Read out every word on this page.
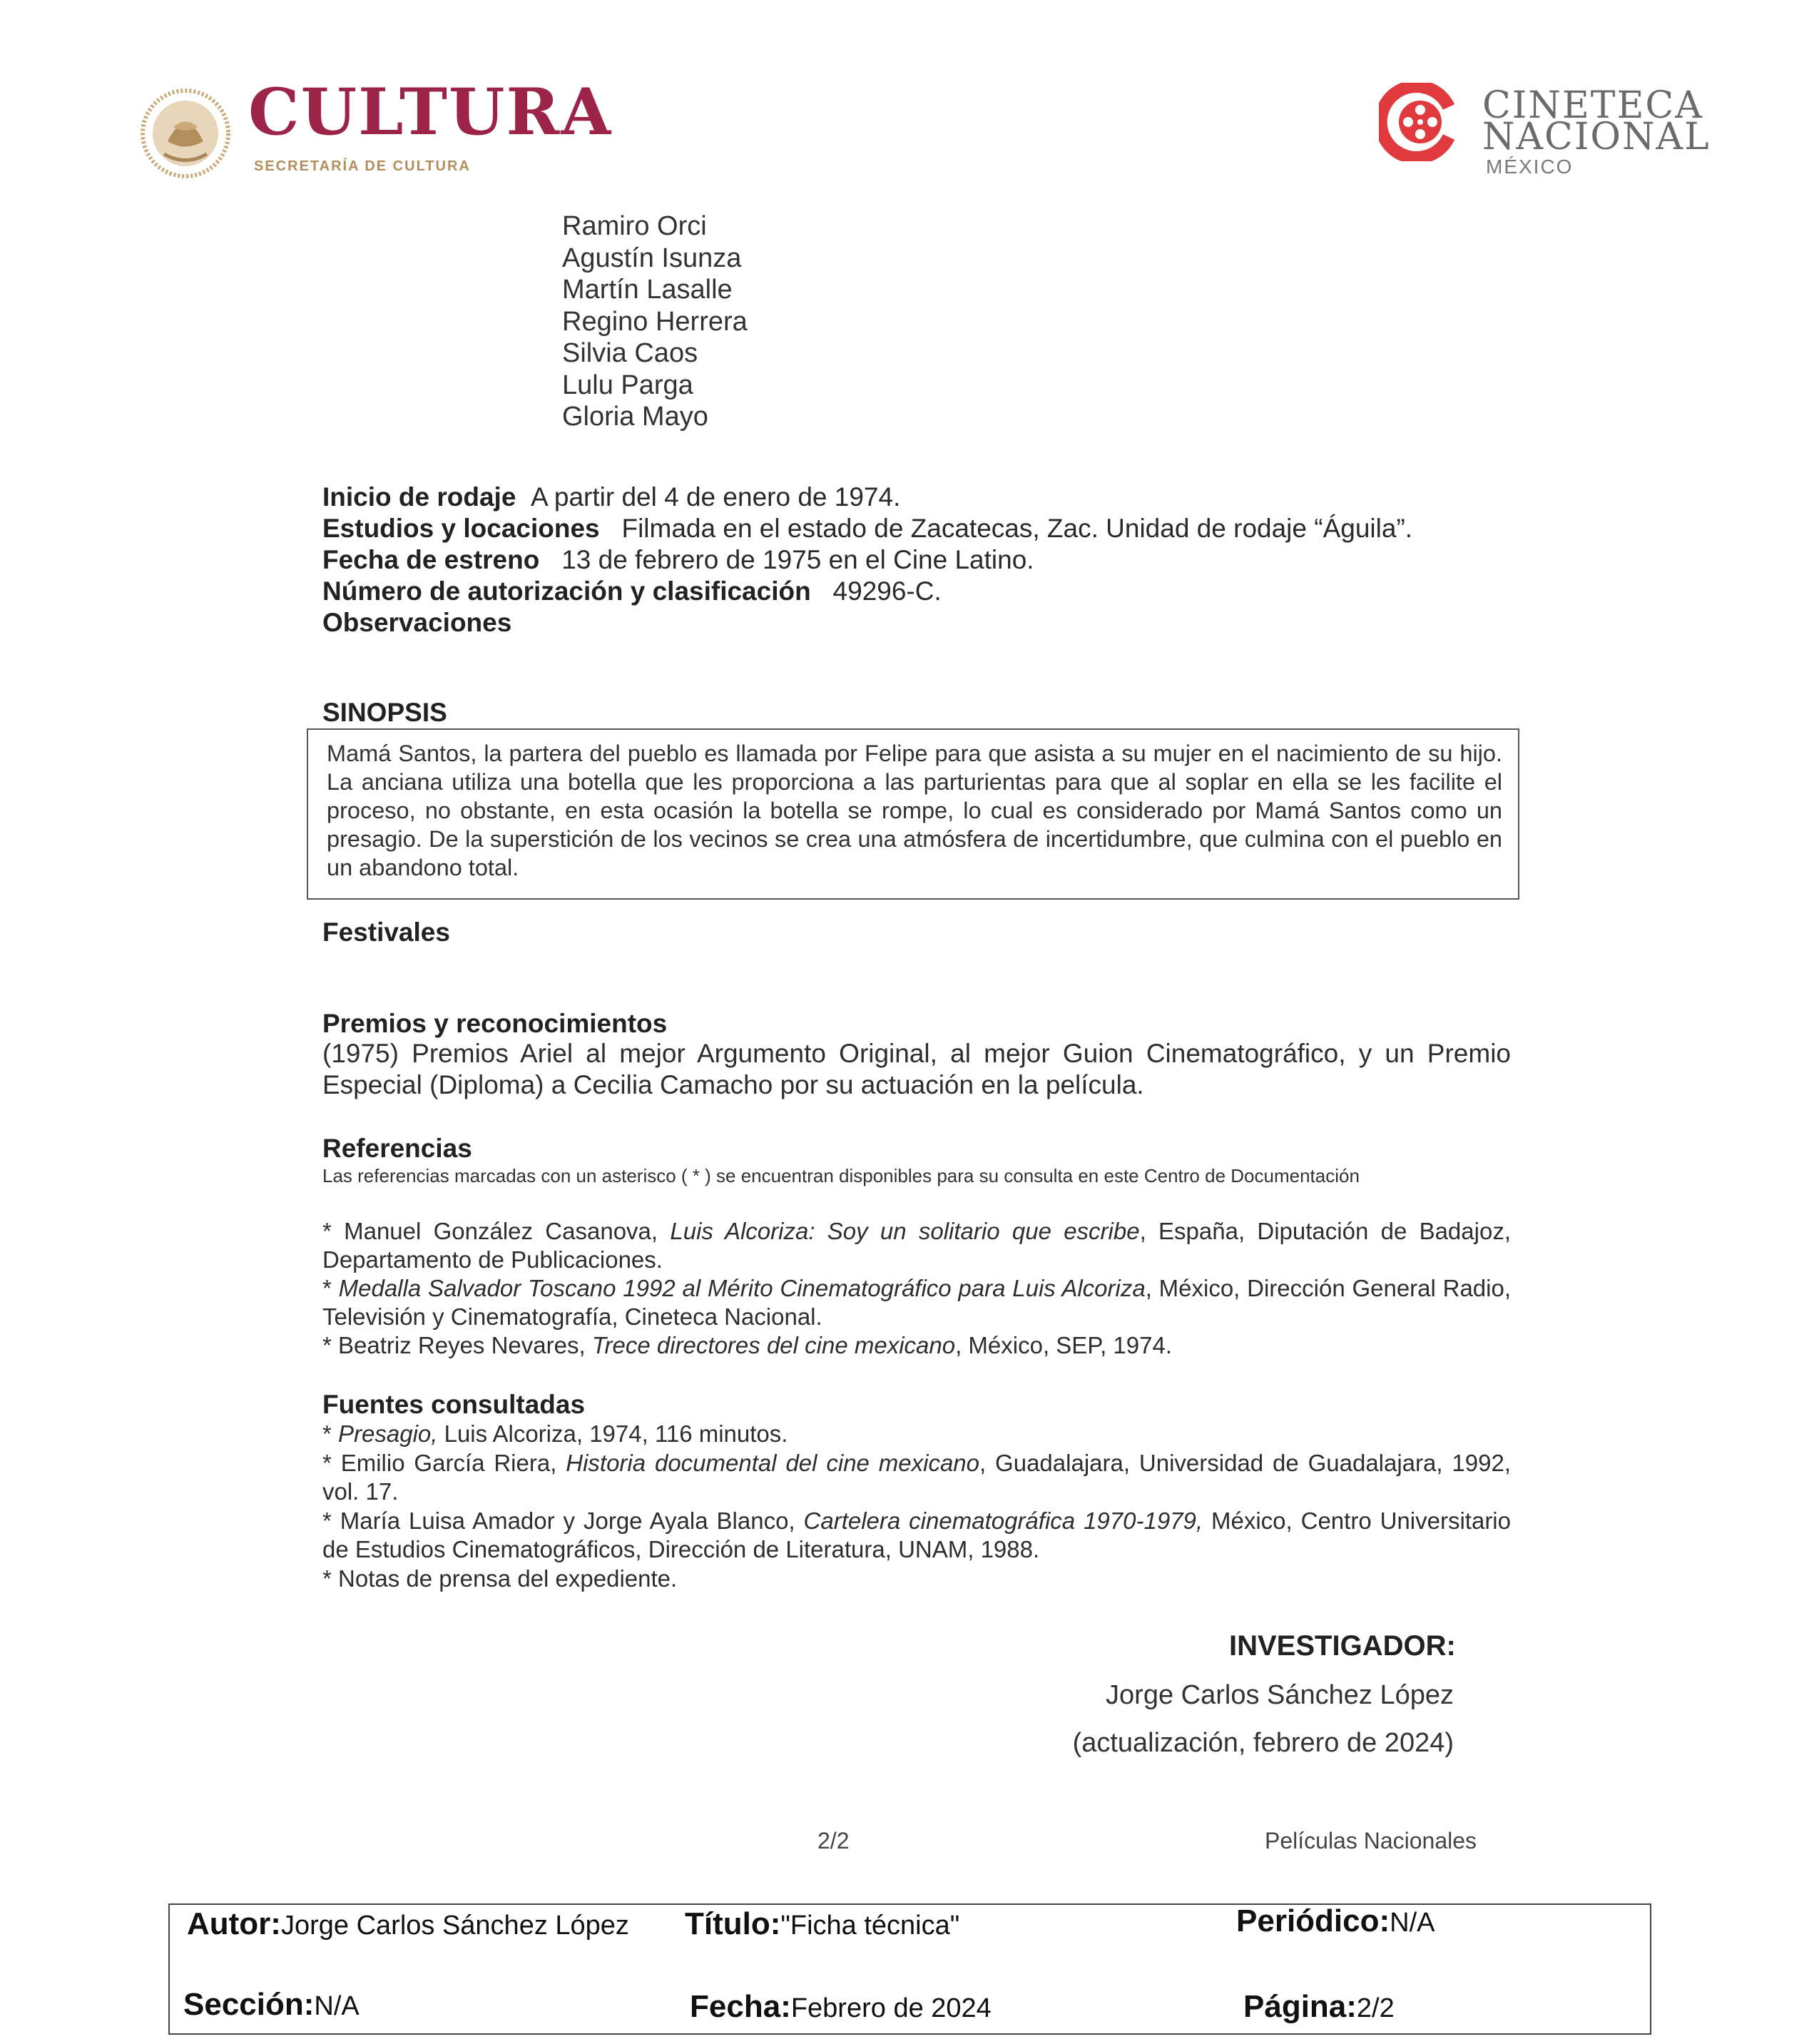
CULTURA
SECRETARÍA DE CULTURA
CINETECA
NACIONAL
MÉXICO
Ramiro Orci
Agustín Isunza
Martín Lasalle
Regino Herrera
Silvia Caos
Lulu Parga
Gloria Mayo
Inicio de rodaje A partir del 4 de enero de 1974.
Estudios y locaciones Filmada en el estado de Zacatecas, Zac. Unidad de rodaje “Águila”.
Fecha de estreno 13 de febrero de 1975 en el Cine Latino.
Número de autorización y clasificación 49296-C.
Observaciones
SINOPSIS
Mamá Santos, la partera del pueblo es llamada por Felipe para que asista a su mujer en el nacimiento de su hijo. La anciana utiliza una botella que les proporciona a las parturientas para que al soplar en ella se les facilite el proceso, no obstante, en esta ocasión la botella se rompe, lo cual es considerado por Mamá Santos como un presagio. De la superstición de los vecinos se crea una atmósfera de incertidumbre, que culmina con el pueblo en un abandono total.
Festivales
Premios y reconocimientos
(1975) Premios Ariel al mejor Argumento Original, al mejor Guion Cinematográfico, y un Premio Especial (Diploma) a Cecilia Camacho por su actuación en la película.
Referencias
Las referencias marcadas con un asterisco ( * ) se encuentran disponibles para su consulta en este Centro de Documentación

* Manuel González Casanova, Luis Alcoriza: Soy un solitario que escribe, España, Diputación de Badajoz, Departamento de Publicaciones.

* Medalla Salvador Toscano 1992 al Mérito Cinematográfico para Luis Alcoriza, México, Dirección General Radio, Televisión y Cinematografía, Cineteca Nacional.

* Beatriz Reyes Nevares, Trece directores del cine mexicano, México, SEP, 1974.

Fuentes consultadas

* Presagio, Luis Alcoriza, 1974, 116 minutos.

* Emilio García Riera, Historia documental del cine mexicano, Guadalajara, Universidad de Guadalajara, 1992, vol. 17.

* María Luisa Amador y Jorge Ayala Blanco, Cartelera cinematográfica 1970-1979, México, Centro Universitario de Estudios Cinematográficos, Dirección de Literatura, UNAM, 1988.

* Notas de prensa del expediente.

INVESTIGADOR:
Jorge Carlos Sánchez López
(actualización, febrero de 2024)
2/2	Películas Nacionales
Autor:Jorge Carlos Sánchez López Título:"Ficha técnica"	Periódico:N/A
Sección:N/A	Fecha:Febrero de 2024	Página:2/2
